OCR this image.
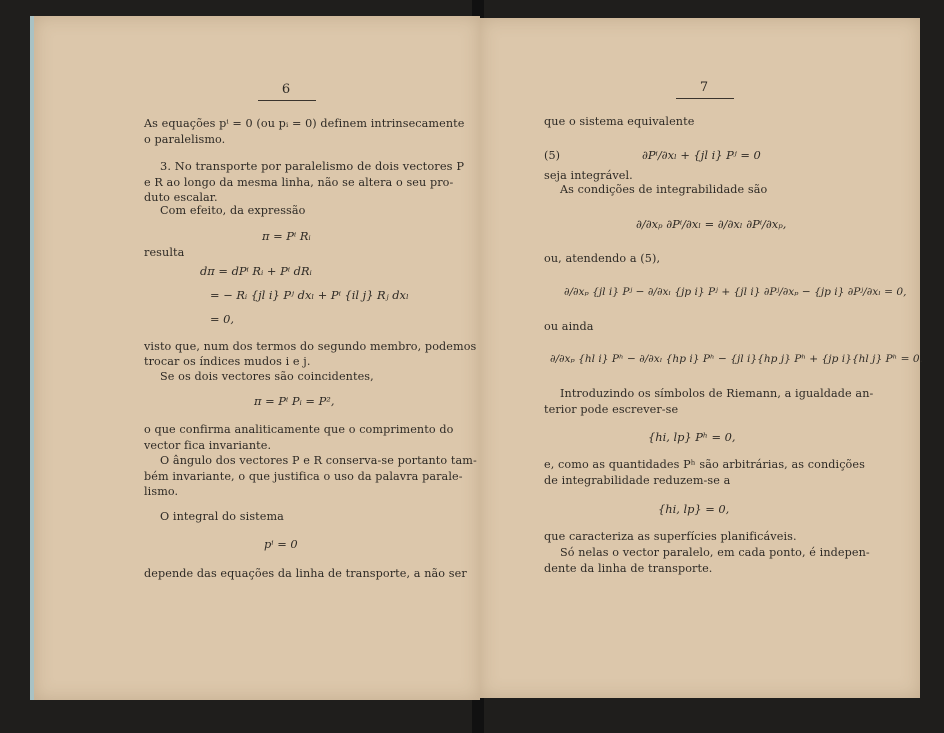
6
As equações pⁱ = 0 (ou pᵢ = 0) definem intrinsecamente
o paralelismo.
3. No transporte por paralelismo de dois vectores P
e R ao longo da mesma linha, não se altera o seu pro-
duto escalar.
Com efeito, da expressão
π = Pⁱ Rᵢ
resulta
dπ = dPⁱ Rᵢ + Pⁱ dRᵢ
= − Rᵢ {jl i} Pʲ dxₗ + Pⁱ {il j} Rⱼ dxₗ
= 0,
visto que, num dos termos do segundo membro, podemos
trocar os índices mudos i e j.
Se os dois vectores são coincidentes,
π = Pⁱ Pᵢ = P²,
o que confirma analiticamente que o comprimento do
vector fica invariante.
O ângulo dos vectores P e R conserva-se portanto tam-
bém invariante, o que justifica o uso da palavra parale-
lismo.
O integral do sistema
pⁱ = 0
depende das equações da linha de transporte, a não ser
7
que o sistema equivalente
(5)	∂Pⁱ/∂xₗ + {jl i} Pʲ = 0
seja integrável.
As condições de integrabilidade são
∂/∂xₚ ∂Pⁱ/∂xₗ = ∂/∂xₗ ∂Pⁱ/∂xₚ,
ou, atendendo a (5),
∂/∂xₚ {jl i} Pʲ − ∂/∂xₗ {jp i} Pʲ + {jl i} ∂Pʲ/∂xₚ − {jp i} ∂Pʲ/∂xₗ = 0,
ou ainda
∂/∂xₚ {hl i} Pʰ − ∂/∂xₗ {hp i} Pʰ − {jl i}{hp j} Pʰ + {jp i}{hl j} Pʰ = 0.
Introduzindo os símbolos de Riemann, a igualdade an-
terior pode escrever-se
{hi, lp} Pʰ = 0,
e, como as quantidades Pʰ são arbitrárias, as condições
de integrabilidade reduzem-se a
{hi, lp} = 0,
que caracteriza as superfícies planificáveis.
Só nelas o vector paralelo, em cada ponto, é indepen-
dente da linha de transporte.
